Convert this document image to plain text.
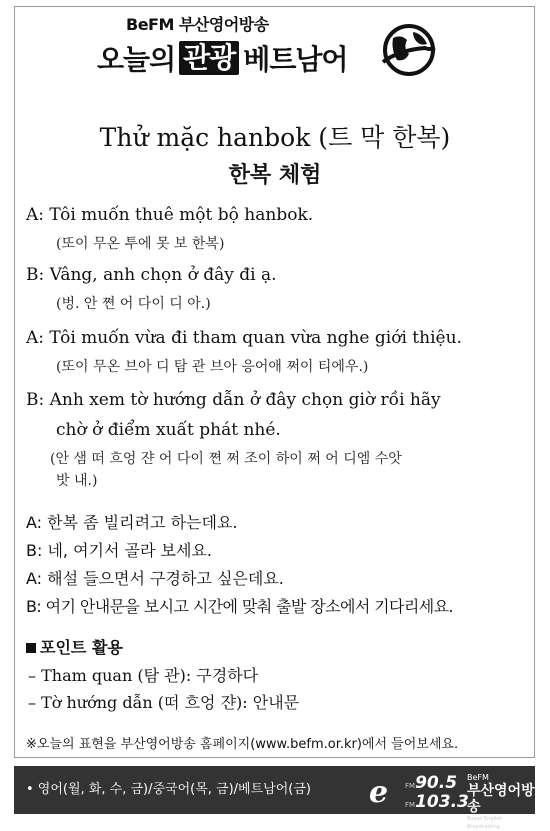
BeFM 부산영어방송
오늘의 관광 베트남어
Thử mặc hanbok (트 막 한복)
한복 체험
A: Tôi muốn thuê một bộ hanbok.
(또이 무온 투에 못 보 한복)
B: Vâng, anh chọn ở đây đi ạ.
(벙. 안 쪈 어 다이 디 아.)
A: Tôi muốn vừa đi tham quan vừa nghe giới thiệu.
(또이 무온 브아 디 탐 관 브아 응어애 쩌이 티에우.)
B: Anh xem tờ hướng dẫn ở đây chọn giờ rồi hãy
chờ ở điểm xuất phát nhé.
(안 샘 떠 흐엉 쟌 어 다이 쪈 쩌 조이 하이 쩌 어 디엠 수앗
밧 내.)
A: 한복 좀 빌리려고 하는데요.
B: 네, 여기서 골라 보세요.
A: 해설 들으면서 구경하고 싶은데요.
B: 여기 안내문을 보시고 시간에 맞춰 출발 장소에서 기다리세요.
포인트 활용
– Tham quan (탐 관): 구경하다
– Tờ hướng dẫn (떠 흐엉 쟌): 안내문
※오늘의 표현을 부산영어방송 홈페이지(www.befm.or.kr)에서 들어보세요.
• 영어(월, 화, 수, 금)/중국어(목, 금)/베트남어(금) e FM90.5
FM103.3
BeFM
부산영어방송
Busan English Broadcasting
